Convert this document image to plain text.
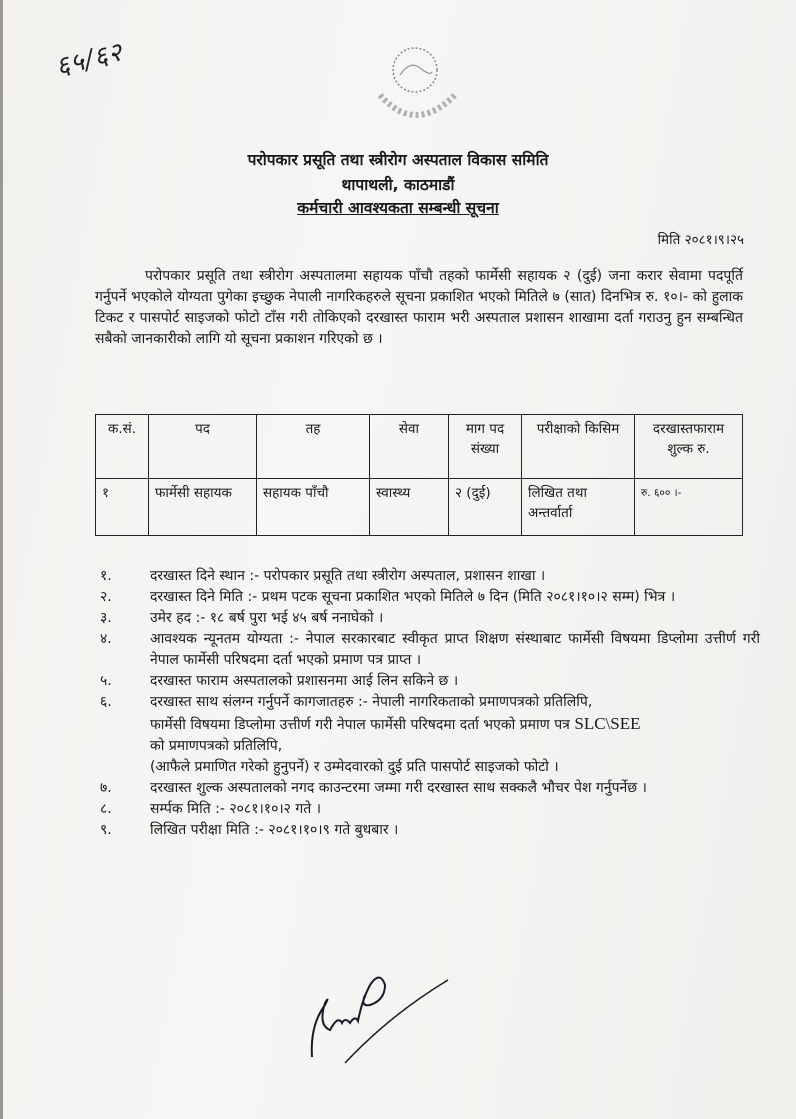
६५/६२
परोपकार प्रसूति तथा स्त्रीरोग अस्पताल विकास समिति
थापाथली, काठमाडौं
कर्मचारी आवश्यकता सम्बन्धी सूचना
मिति २०८१।९।२५
परोपकार प्रसूति तथा स्त्रीरोग अस्पतालमा सहायक पाँचौ तहको फार्मेसी सहायक २ (दुई) जना करार सेवामा पदपूर्ति गर्नुपर्ने भएकोले योग्यता पुगेका इच्छुक नेपाली नागरिकहरुले सूचना प्रकाशित भएको मितिले ७ (सात) दिनभित्र रु. १०।- को हुलाक टिकट र पासपोर्ट साइजको फोटो टाँस गरी तोकिएको दरखास्त फाराम भरी अस्पताल प्रशासन शाखामा दर्ता गराउनु हुन सम्बन्धित सबैको जानकारीको लागि यो सूचना प्रकाशन गरिएको छ ।
क.सं.	पद	तह	सेवा	माग पद संख्या	परीक्षाको किसिम	दरखास्तफाराम शुल्क रु.
१	फार्मेसी सहायक	सहायक पाँचौ	स्वास्थ्य	२ (दुई)	लिखित तथा अन्तर्वार्ता	रु. ६०० ।-
१.	दरखास्त दिने स्थान :- परोपकार प्रसूति तथा स्त्रीरोग अस्पताल, प्रशासन शाखा ।
२.	दरखास्त दिने मिति :- प्रथम पटक सूचना प्रकाशित भएको मितिले ७ दिन (मिति २०८१।१०।२ सम्म) भित्र ।
३.	उमेर हद :- १८ बर्ष पुरा भई ४५ बर्ष ननाघेको ।
४.	आवश्यक न्यूनतम योग्यता :- नेपाल सरकारबाट स्वीकृत प्राप्त शिक्षण संस्थाबाट फार्मेसी विषयमा डिप्लोमा उत्तीर्ण गरी नेपाल फार्मेसी परिषदमा दर्ता भएको प्रमाण पत्र प्राप्त ।
५.	दरखास्त फाराम अस्पतालको प्रशासनमा आई लिन सकिने छ ।
६.	दरखास्त साथ संलग्न गर्नुपर्ने कागजातहरु :- नेपाली नागरिकताको प्रमाणपत्रको प्रतिलिपि,
फार्मेसी विषयमा डिप्लोमा उत्तीर्ण गरी नेपाल फार्मेसी परिषदमा दर्ता भएको प्रमाण पत्र SLC\SEE
को प्रमाणपत्रको प्रतिलिपि,
(आफैले प्रमाणित गरेको हुनुपर्ने) र उम्मेदवारको दुई प्रति पासपोर्ट साइजको फोटो ।
७.	दरखास्त शुल्क अस्पतालको नगद काउन्टरमा जम्मा गरी दरखास्त साथ सक्कलै भौचर पेश गर्नुपर्नेछ ।
८.	सर्म्पक मिति :- २०८१।१०।२ गते ।
९.	लिखित परीक्षा मिति :- २०८१।१०।९ गते बुधबार ।
